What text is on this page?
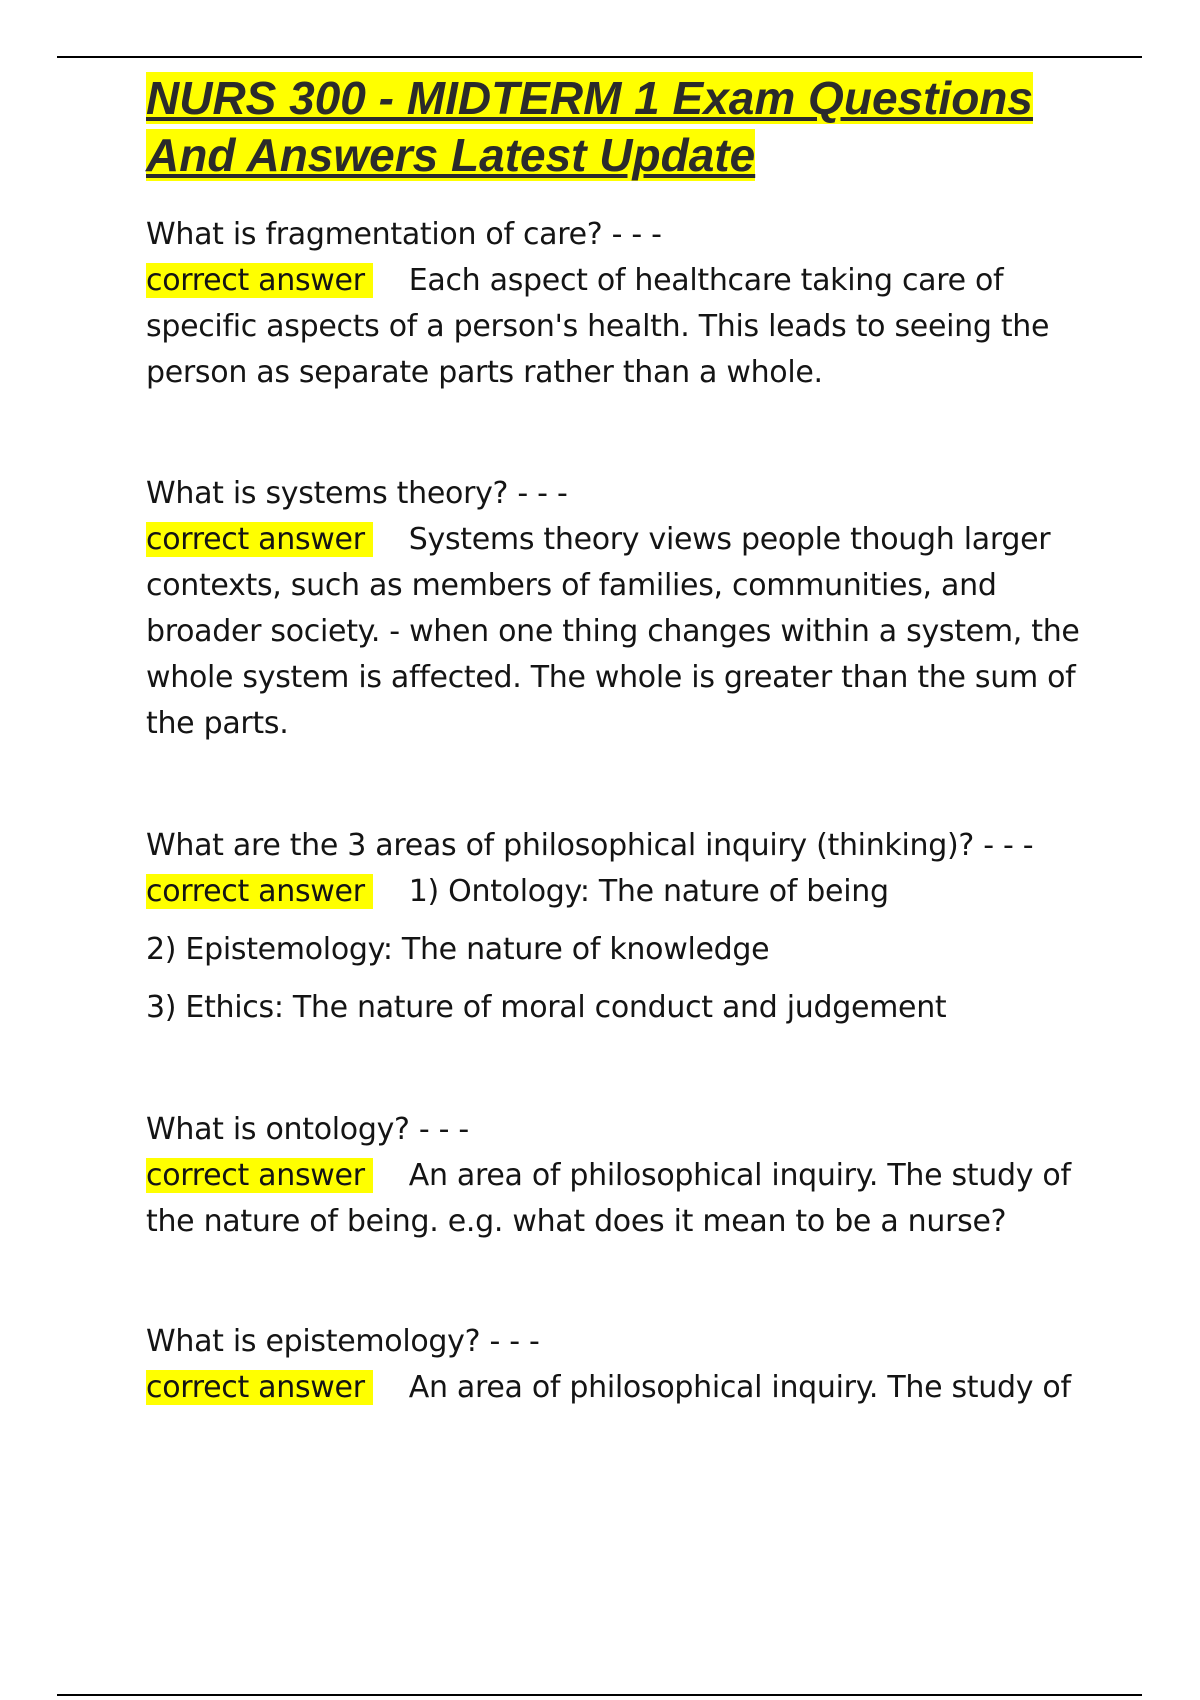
NURS 300 - MIDTERM 1 Exam Questions
And Answers Latest Update

What is fragmentation of care? - - -

correct answer Each aspect of healthcare taking care of specific aspects of a person's health. This leads to seeing the person as separate parts rather than a whole.

What is systems theory? - - -

correct answer Systems theory views people though larger contexts, such as members of families, communities, and broader society. - when one thing changes within a system, the whole system is affected. The whole is greater than the sum of the parts.

What are the 3 areas of philosophical inquiry (thinking)? - - -

correct answer 1) Ontology: The nature of being

2) Epistemology: The nature of knowledge

3) Ethics: The nature of moral conduct and judgement

What is ontology? - - -

correct answer An area of philosophical inquiry. The study of the nature of being. e.g. what does it mean to be a nurse?

What is epistemology? - - -

correct answer An area of philosophical inquiry. The study of
